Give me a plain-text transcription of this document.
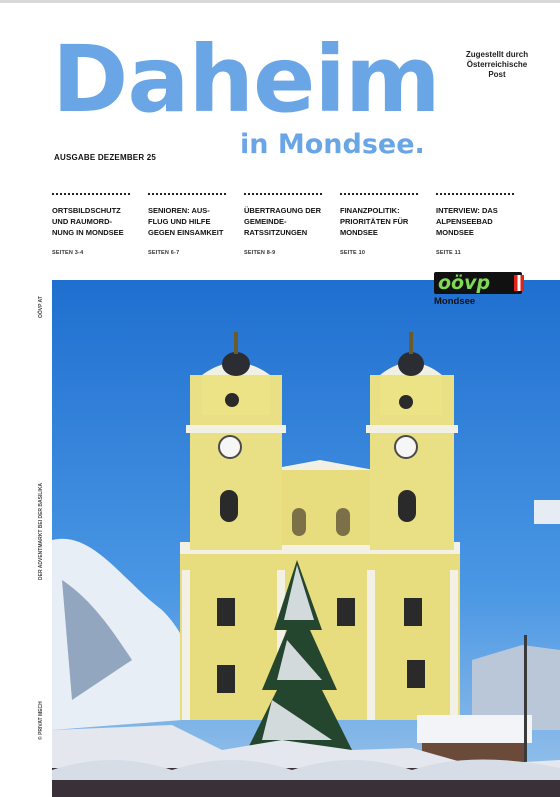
Daheim
in Mondsee.
Zugestellt durch
Österreichische
Post
AUSGABE DEZEMBER 25
ORTSBILDSCHUTZ UND RAUMORD-NUNG IN MONDSEE
SEITEN 3-4
SENIOREN: AUS-FLUG UND HILFE GEGEN EINSAMKEIT
SEITEN 6-7
ÜBERTRAGUNG DER GEMEINDE-RATSSITZUNGEN
SEITEN 8-9
FINANZPOLITIK: PRIORITÄTEN FÜR MONDSEE
SEITE 10
INTERVIEW: DAS ALPENSEEBAD MONDSEE
SEITE 11
OÖVP AT
DER ADVENTMARKT BEI DER BASILIKA
© PRIVAT MECH
oövp
Mondsee
